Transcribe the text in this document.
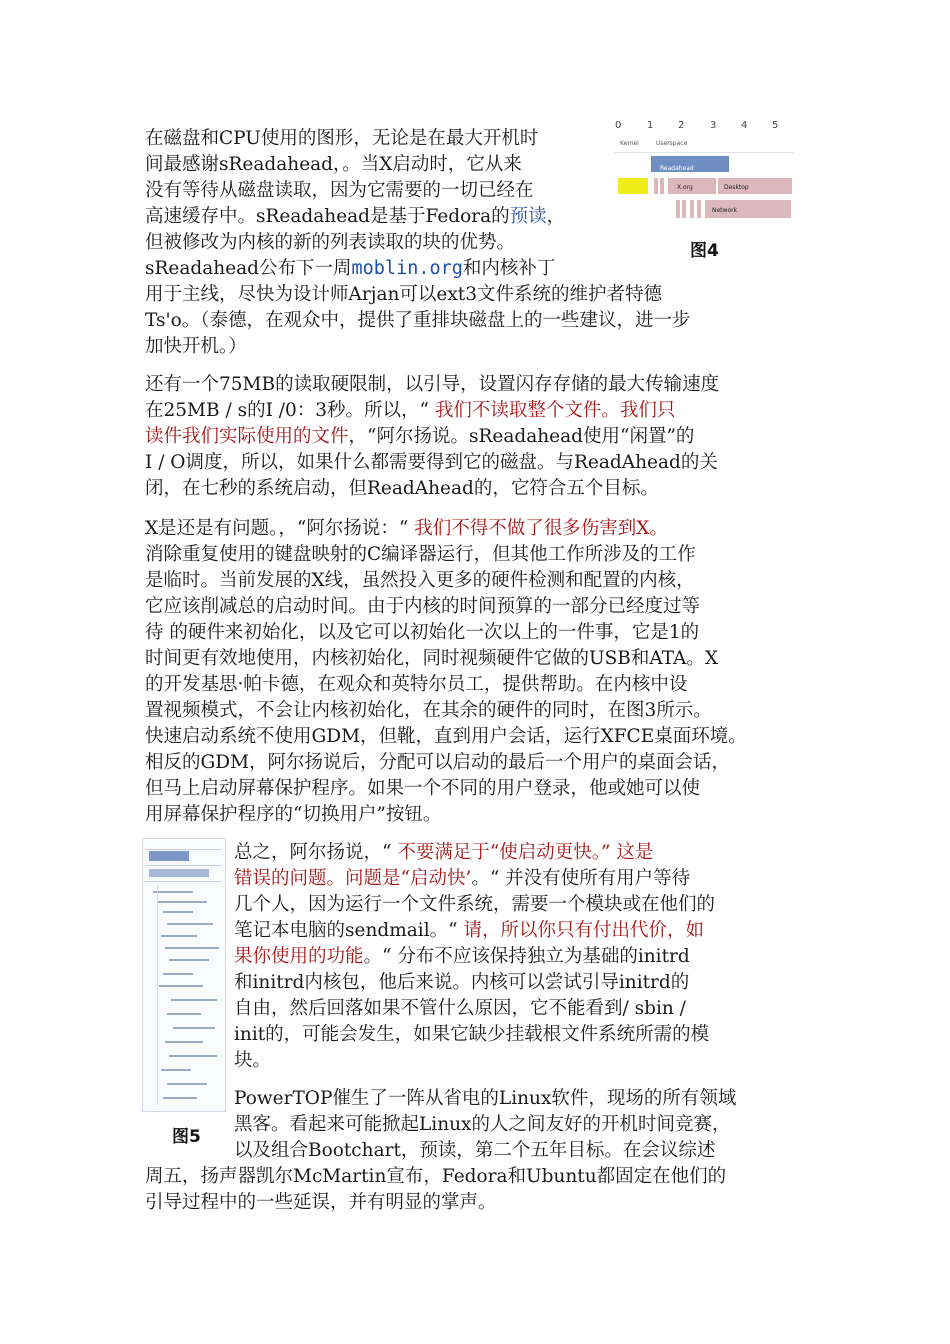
0	1 2	3 4 5
Kernel	Userspace
Readahead
X.org	Desktop
Network
图4
图5

在磁盘和CPU使用的图形，无论是在最大开机时

间最感谢sReadahead，。当X启动时，它从来

没有等待从磁盘读取，因为它需要的一切已经在

高速缓存中。sReadahead是基于Fedora的预读，

但被修改为内核的新的列表读取的块的优势。

sReadahead公布下一周moblin.org和内核补丁

用于主线，尽快为设计师Arjan可以ext3文件系统的维护者特德

Ts'o。（泰德，在观众中，提供了重排块磁盘上的一些建议，进一步

加快开机。）

还有一个75MB的读取硬限制，以引导，设置闪存存储的最大传输速度

在25MB / s的I /0：3秒。所以，“ 我们不读取整个文件。我们只

读件我们实际使用的文件，“阿尔扬说。sReadahead使用“闲置”的

I / O调度，所以，如果什么都需要得到它的磁盘。与ReadAhead的关

闭，在七秒的系统启动，但ReadAhead的，它符合五个目标。

X是还是有问题。，“阿尔扬说：“ 我们不得不做了很多伤害到X。

消除重复使用的键盘映射的C编译器运行，但其他工作所涉及的工作

是临时。当前发展的X线，虽然投入更多的硬件检测和配置的内核，

它应该削减总的启动时间。由于内核的时间预算的一部分已经度过等

待 的硬件来初始化，以及它可以初始化一次以上的一件事，它是1的

时间更有效地使用，内核初始化，同时视频硬件它做的USB和ATA。X

的开发基思·帕卡德，在观众和英特尔员工，提供帮助。在内核中设

置视频模式，不会让内核初始化，在其余的硬件的同时，在图3所示。

快速启动系统不使用GDM，但靴，直到用户会话，运行XFCE桌面环境。

相反的GDM，阿尔扬说后，分配可以启动的最后一个用户的桌面会话，

但马上启动屏幕保护程序。如果一个不同的用户登录，他或她可以使

用屏幕保护程序的“切换用户”按钮。

总之，阿尔扬说，“ 不要满足于“使启动更快。” 这是

错误的问题。问题是“启动快’。“ 并没有使所有用户等待

几个人，因为运行一个文件系统，需要一个模块或在他们的

笔记本电脑的sendmail。“ 请，所以你只有付出代价，如

果你使用的功能。“ 分布不应该保持独立为基础的initrd

和initrd内核包，他后来说。内核可以尝试引导initrd的

自由，然后回落如果不管什么原因，它不能看到/ sbin /

init的，可能会发生，如果它缺少挂载根文件系统所需的模

块。

PowerTOP催生了一阵从省电的Linux软件，现场的所有领域

黑客。看起来可能掀起Linux的人之间友好的开机时间竞赛，

以及组合Bootchart，预读，第二个五年目标。在会议综述

周五，扬声器凯尔McMartin宣布，Fedora和Ubuntu都固定在他们的

引导过程中的一些延误，并有明显的掌声。
